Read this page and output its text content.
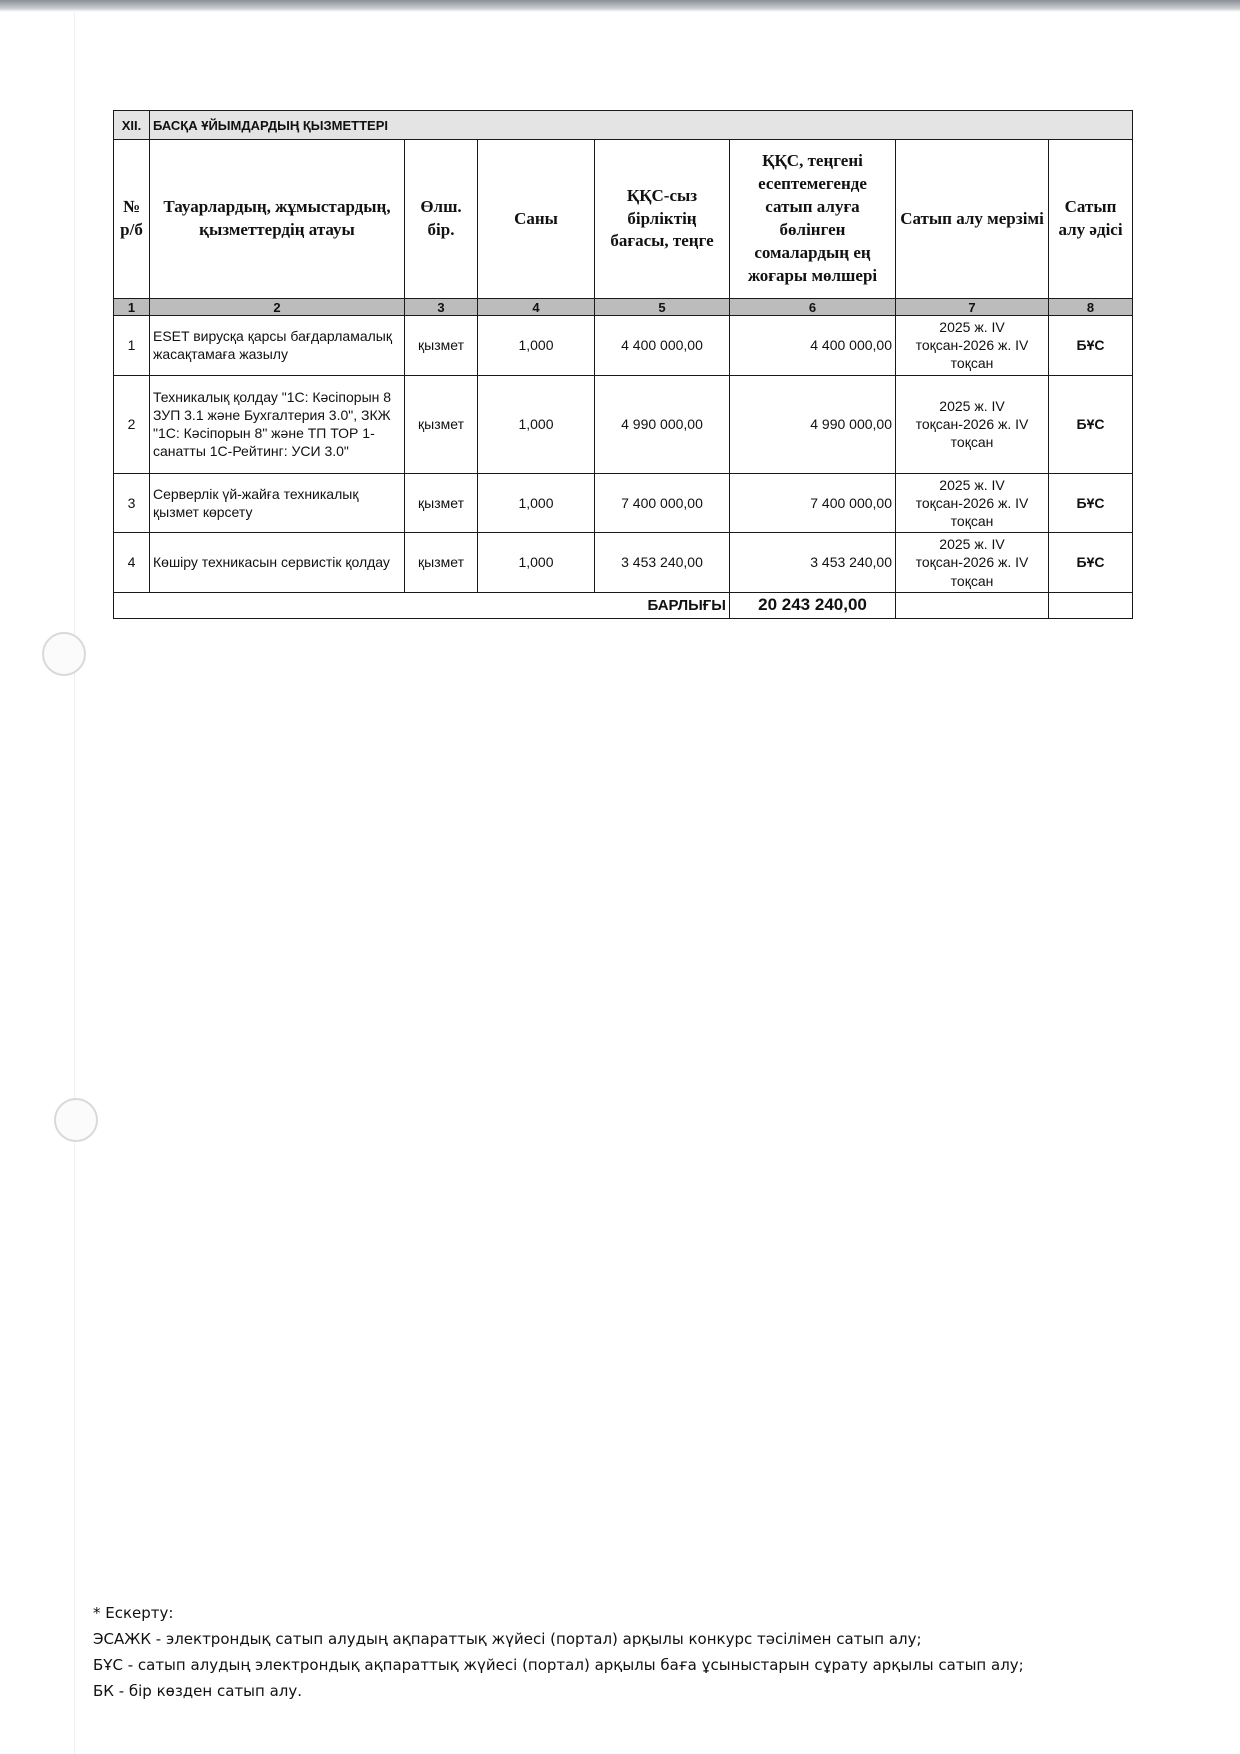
XII.	БАСҚА ҰЙЫМДАРДЫҢ ҚЫЗМЕТТЕРІ						
№ р/б	Тауарлардың, жұмыстардың, қызметтердің атауы	Өлш. бір.	Саны	ҚҚС-сыз бірліктің бағасы, теңге	ҚҚС, теңгені есептемегенде сатып алуға бөлінген сомалардың ең жоғары мөлшері	Сатып алу мерзімі	Сатып алу әдісі
1	2	3	4	5	6	7	8
1	ESET вирусқа қарсы бағдарламалық жасақтамаға жазылу	қызмет	1,000	4 400 000,00	4 400 000,00	2025 ж. IV тоқсан-2026 ж. IV тоқсан	БҰС
2	Техникалық қолдау "1С: Кәсіпорын 8 ЗУП 3.1 және Бухгалтерия 3.0", ЗКЖ "1С: Кәсіпорын 8" және ТП ТОР 1-санатты 1С-Рейтинг: УСИ 3.0"	қызмет	1,000	4 990 000,00	4 990 000,00	2025 ж. IV тоқсан-2026 ж. IV тоқсан	БҰС
3	Серверлік үй-жайға техникалық қызмет көрсету	қызмет	1,000	7 400 000,00	7 400 000,00	2025 ж. IV тоқсан-2026 ж. IV тоқсан	БҰС
4	Көшіру техникасын сервистік қолдау	қызмет	1,000	3 453 240,00	3 453 240,00	2025 ж. IV тоқсан-2026 ж. IV тоқсан	БҰС
БАРЛЫҒЫ					20 243 240,00		
* Ескерту:
ЭСАЖК - электрондық сатып алудың ақпараттық жүйесі (портал) арқылы конкурс тәсілімен сатып алу;
БҰС - сатып алудың электрондық ақпараттық жүйесі (портал) арқылы баға ұсыныстарын сұрату арқылы сатып алу;
БК - бір көзден сатып алу.
